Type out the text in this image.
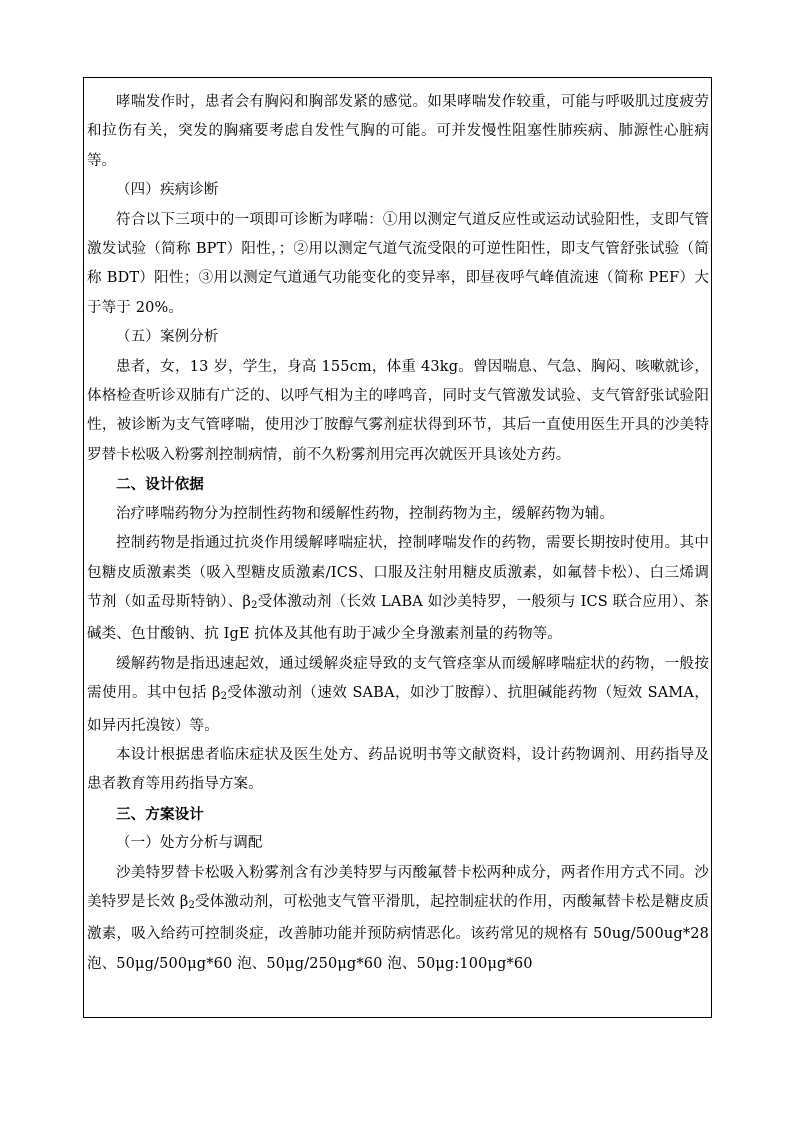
哮喘发作时，患者会有胸闷和胸部发紧的感觉。如果哮喘发作较重，可能与呼吸肌过度疲劳和拉伤有关，突发的胸痛要考虑自发性气胸的可能。可并发慢性阻塞性肺疾病、肺源性心脏病等。

（四）疾病诊断

符合以下三项中的一项即可诊断为哮喘：①用以测定气道反应性或运动试验阳性，支即气管激发试验（简称 BPT）阳性，；②用以测定气道气流受限的可逆性阳性，即支气管舒张试验（简称 BDT）阳性；③用以测定气道通气功能变化的变异率，即昼夜呼气峰值流速（简称 PEF）大于等于 20%。

（五）案例分析

患者，女，13 岁，学生，身高 155cm，体重 43kg。曾因喘息、气急、胸闷、咳嗽就诊，体格检查听诊双肺有广泛的、以呼气相为主的哮鸣音，同时支气管激发试验、支气管舒张试验阳性，被诊断为支气管哮喘，使用沙丁胺醇气雾剂症状得到环节，其后一直使用医生开具的沙美特罗替卡松吸入粉雾剂控制病情，前不久粉雾剂用完再次就医开具该处方药。

二、设计依据

治疗哮喘药物分为控制性药物和缓解性药物，控制药物为主，缓解药物为辅。

控制药物是指通过抗炎作用缓解哮喘症状，控制哮喘发作的药物，需要长期按时使用。其中包糖皮质激素类（吸入型糖皮质激素/ICS、口服及注射用糖皮质激素，如氟替卡松）、白三烯调节剂（如孟母斯特钠）、$\beta_2$受体激动剂（长效 LABA 如沙美特罗，一般须与 ICS 联合应用）、茶碱类、色甘酸钠、抗 IgE 抗体及其他有助于减少全身激素剂量的药物等。

缓解药物是指迅速起效，通过缓解炎症导致的支气管痉挛从而缓解哮喘症状的药物，一般按需使用。其中包括 $\beta_2$受体激动剂（速效 SABA，如沙丁胺醇）、抗胆碱能药物（短效 SAMA，如异丙托溴铵）等。

本设计根据患者临床症状及医生处方、药品说明书等文献资料，设计药物调剂、用药指导及患者教育等用药指导方案。

三、方案设计

（一）处方分析与调配

沙美特罗替卡松吸入粉雾剂含有沙美特罗与丙酸氟替卡松两种成分，两者作用方式不同。沙美特罗是长效 $\beta_2$受体激动剂，可松弛支气管平滑肌，起控制症状的作用，丙酸氟替卡松是糖皮质激素，吸入给药可控制炎症，改善肺功能并预防病情恶化。该药常见的规格有 50ug/500ug*28 泡、50μg/500μg*60 泡、50μg/250μg*60 泡、50μg:100μg*60
